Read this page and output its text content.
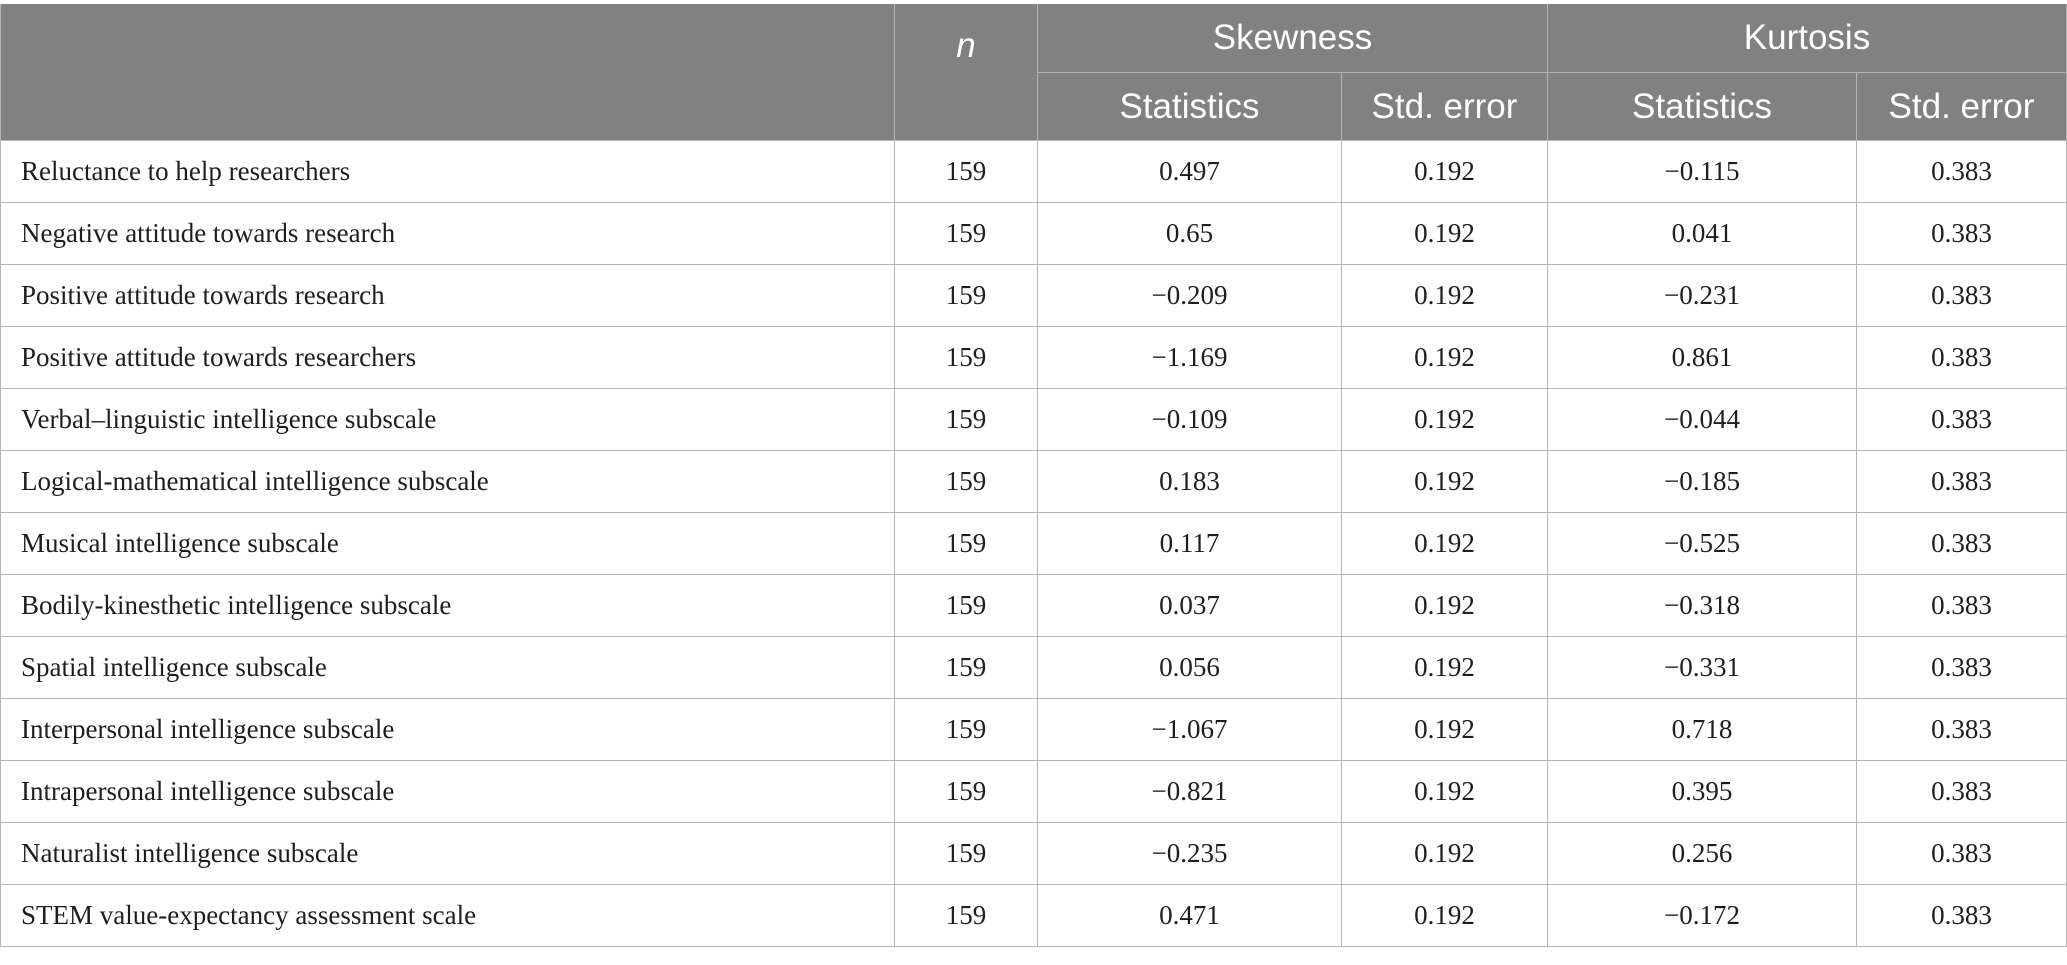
	n	Skewness		Kurtosis	
		Statistics	Std. error	Statistics	Std. error
Reluctance to help researchers	159	0.497	0.192	−0.115	0.383
Negative attitude towards research	159	0.65	0.192	0.041	0.383
Positive attitude towards research	159	−0.209	0.192	−0.231	0.383
Positive attitude towards researchers	159	−1.169	0.192	0.861	0.383
Verbal–linguistic intelligence subscale	159	−0.109	0.192	−0.044	0.383
Logical-mathematical intelligence subscale	159	0.183	0.192	−0.185	0.383
Musical intelligence subscale	159	0.117	0.192	−0.525	0.383
Bodily-kinesthetic intelligence subscale	159	0.037	0.192	−0.318	0.383
Spatial intelligence subscale	159	0.056	0.192	−0.331	0.383
Interpersonal intelligence subscale	159	−1.067	0.192	0.718	0.383
Intrapersonal intelligence subscale	159	−0.821	0.192	0.395	0.383
Naturalist intelligence subscale	159	−0.235	0.192	0.256	0.383
STEM value-expectancy assessment scale	159	0.471	0.192	−0.172	0.383
